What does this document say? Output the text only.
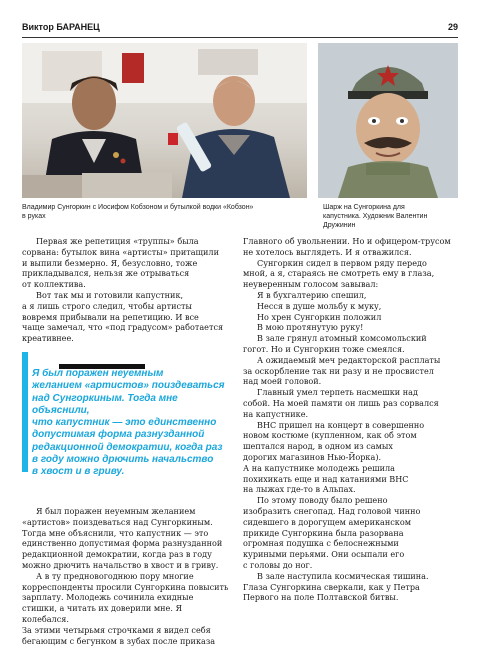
Виктор БАРАНЕЦ	29
Владимир Сунгоркин с Иосифом Кобзоном и бутылкой водки «Кобзон»
в руках
Шарж на Сунгоркина для
капустника. Художник Валентин
Дружинин

Первая же репетиция «труппы» была

сорвана: бутылок вина «артисты» притащили

и выпили безмерно. Я, безусловно, тоже

прикладывался, нельзя же отрываться

от коллектива.

Вот так мы и готовили капустник,

а я лишь строго следил, чтобы артисты

вовремя прибывали на репетицию. И все

чаще замечал, что «под градусом» работается

креативнее.

Я был поражен неуемным
желанием «артистов» поиздеваться
над Сунгоркиным. Тогда мне объяснили,
что капустник — это единственно
допустимая форма разнузданной
редакционной демократии, когда раз
в году можно дрючить начальство
в хвост и в гриву.

Я был поражен неуемным желанием

«артистов» поиздеваться над Сунгоркиным.

Тогда мне объяснили, что капустник — это

единственно допустимая форма разнузданной

редакционной демократии, когда раз в году

можно дрючить начальство в хвост и в гриву.

А в ту предновогоднюю пору многие

корреспонденты просили Сунгоркина повысить

зарплату. Молодежь сочинила ехидные

стишки, а читать их доверили мне. Я колебался.

За этими четырьмя строчками я видел себя

бегающим с бегунком в зубах после приказа

Главного об увольнении. Но и офицером-трусом

не хотелось выглядеть. И я отважился.

Сунгоркин сидел в первом ряду передо

мной, а я, стараясь не смотреть ему в глаза,

неуверенным голосом завывал:

Я в бухгалтерию спешил,

Несся в душе мольбу к муку,

Но хрен Сунгоркин положил

В мою протянутую руку!

В зале грянул атомный комсомольский

гогот. Но и Сунгоркин тоже смеялся.

А ожидаемый меч редакторской расплаты

за оскорбление так ни разу и не просвистел

над моей головой.

Главный умел терпеть насмешки над

собой. На моей памяти он лишь раз сорвался

на капустнике.

ВНС пришел на концерт в совершенно

новом костюме (купленном, как об этом

шептался народ, в одном из самых

дорогих магазинов Нью-Йорка).

А на капустнике молодежь решила

похихикать еще и над катаниями ВНС

на лыжах где-то в Альпах.

По этому поводу было решено

изобразить снегопад. Над головой чинно

сидевшего в дорогущем американском

прикиде Сунгоркина была разорвана

огромная подушка с белоснежными

куриными перьями. Они осыпали его

с головы до ног.

В зале наступила космическая тишина.

Глаза Сунгоркина сверкали, как у Петра

Первого на поле Полтавской битвы.
